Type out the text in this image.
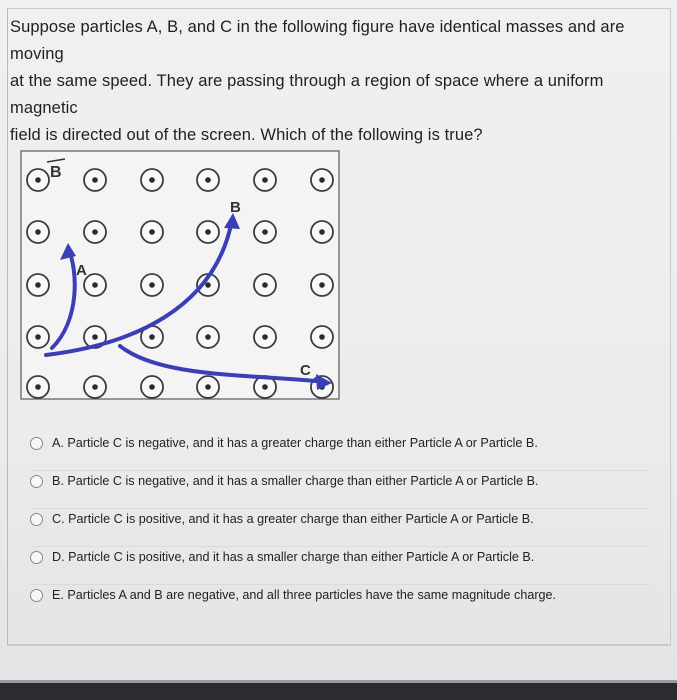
Suppose particles A, B, and C in the following figure have identical masses and are moving
at the same speed. They are passing through a region of space where a uniform magnetic
field is directed out of the screen. Which of the following is true?
B
A
B
C
A. Particle C is negative, and it has a greater charge than either Particle A or Particle B.
B. Particle C is negative, and it has a smaller charge than either Particle A or Particle B.
C. Particle C is positive, and it has a greater charge than either Particle A or Particle B.
D. Particle C is positive, and it has a smaller charge than either Particle A or Particle B.
E. Particles A and B are negative, and all three particles have the same magnitude charge.
